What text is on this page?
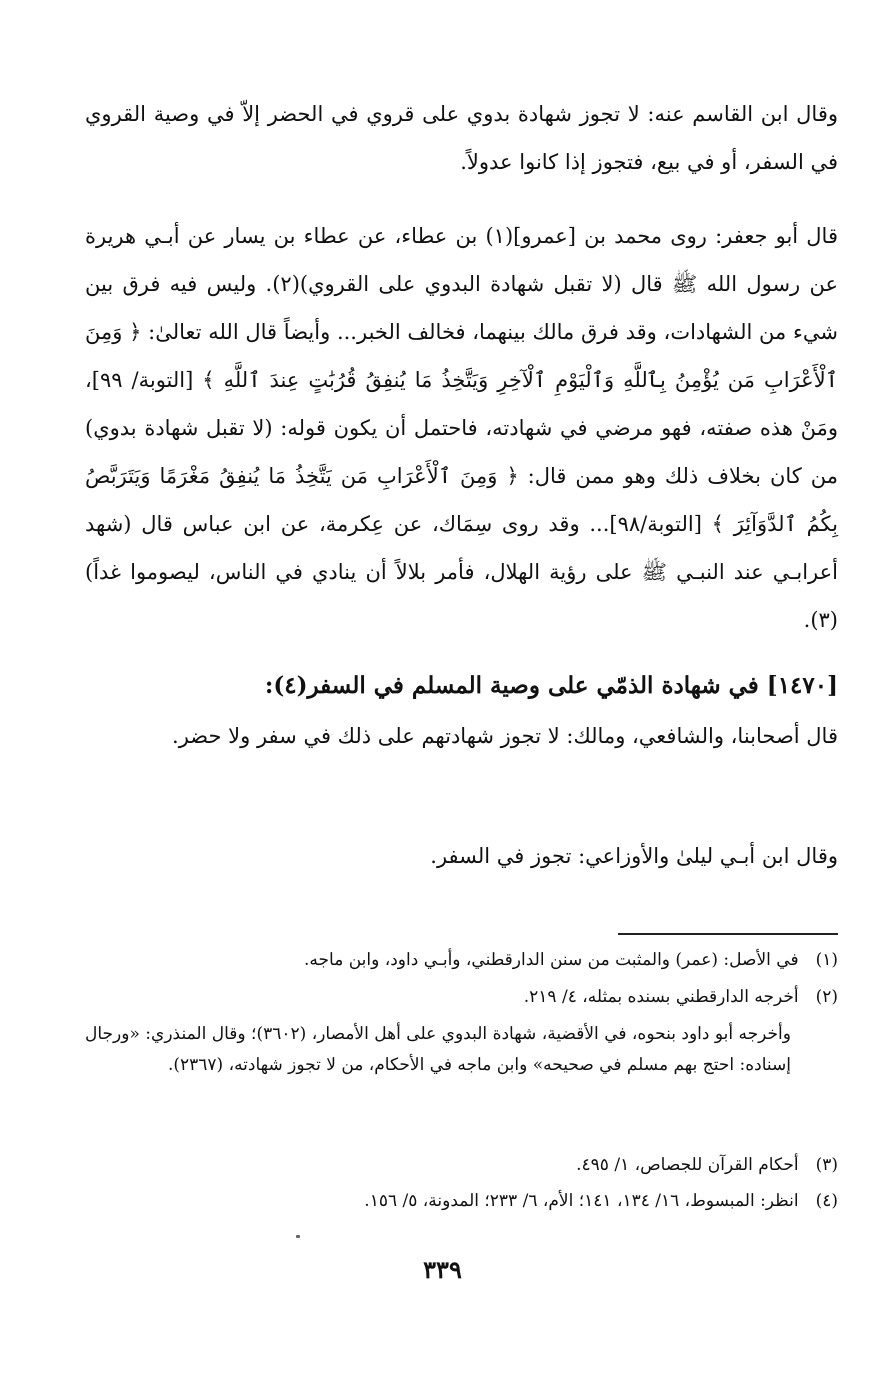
وقال ابن القاسم عنه: لا تجوز شهادة بدوي على قروي في الحضر إلاّ في وصية القروي في السفر، أو في بيع، فتجوز إذا كانوا عدولاً.

قال أبو جعفر: روى محمد بن [عمرو](١) بن عطاء، عن عطاء بن يسار عن أبـي هريرة عن رسول الله ﷺ قال (لا تقبل شهادة البدوي على القروي)(٢). وليس فيه فرق بين شيء من الشهادات، وقد فرق مالك بينهما، فخالف الخبر... وأيضاً قال الله تعالىٰ: ﴿ وَمِنَ ٱلْأَعْرَابِ مَن يُؤْمِنُ بِٱللَّهِ وَٱلْيَوْمِ ٱلْآخِرِ وَيَتَّخِذُ مَا يُنفِقُ قُرُبَٰتٍ عِندَ ٱللَّهِ ﴾ [التوبة/ ٩٩]، ومَنْ هذه صفته، فهو مرضي في شهادته، فاحتمل أن يكون قوله: (لا تقبل شهادة بدوي) من كان بخلاف ذلك وهو ممن قال: ﴿ وَمِنَ ٱلْأَعْرَابِ مَن يَتَّخِذُ مَا يُنفِقُ مَغْرَمًا وَيَتَرَبَّصُ بِكُمُ ٱلدَّوَآئِرَ ﴾ [التوبة/٩٨]... وقد روى سِمَاك، عن عِكرمة، عن ابن عباس قال (شهد أعرابـي عند النبـي ﷺ على رؤية الهلال، فأمر بلالاً أن ينادي في الناس، ليصوموا غداً)(٣).

[١٤٧٠] في شهادة الذمّي على وصية المسلم في السفر(٤):

قال أصحابنا، والشافعي، ومالك: لا تجوز شهادتهم على ذلك في سفر ولا حضر.

وقال ابن أبـي ليلىٰ والأوزاعي: تجوز في السفر.

(١) في الأصل: (عمر) والمثبت من سنن الدارقطني، وأبـي داود، وابن ماجه.

(٢) أخرجه الدارقطني بسنده بمثله، ٤/ ٢١٩.

وأخرجه أبو داود بنحوه، في الأقضية، شهادة البدوي على أهل الأمصار، (٣٦٠٢)؛ وقال المنذري: «ورجال إسناده: احتج بهم مسلم في صحيحه» وابن ماجه في الأحكام، من لا تجوز شهادته، (٢٣٦٧).

(٣) أحكام القرآن للجصاص، ١/ ٤٩٥.

(٤) انظر: المبسوط، ١٦/ ١٣٤، ١٤١؛ الأم، ٦/ ٢٣٣؛ المدونة، ٥/ ١٥٦.

٣٣٩
